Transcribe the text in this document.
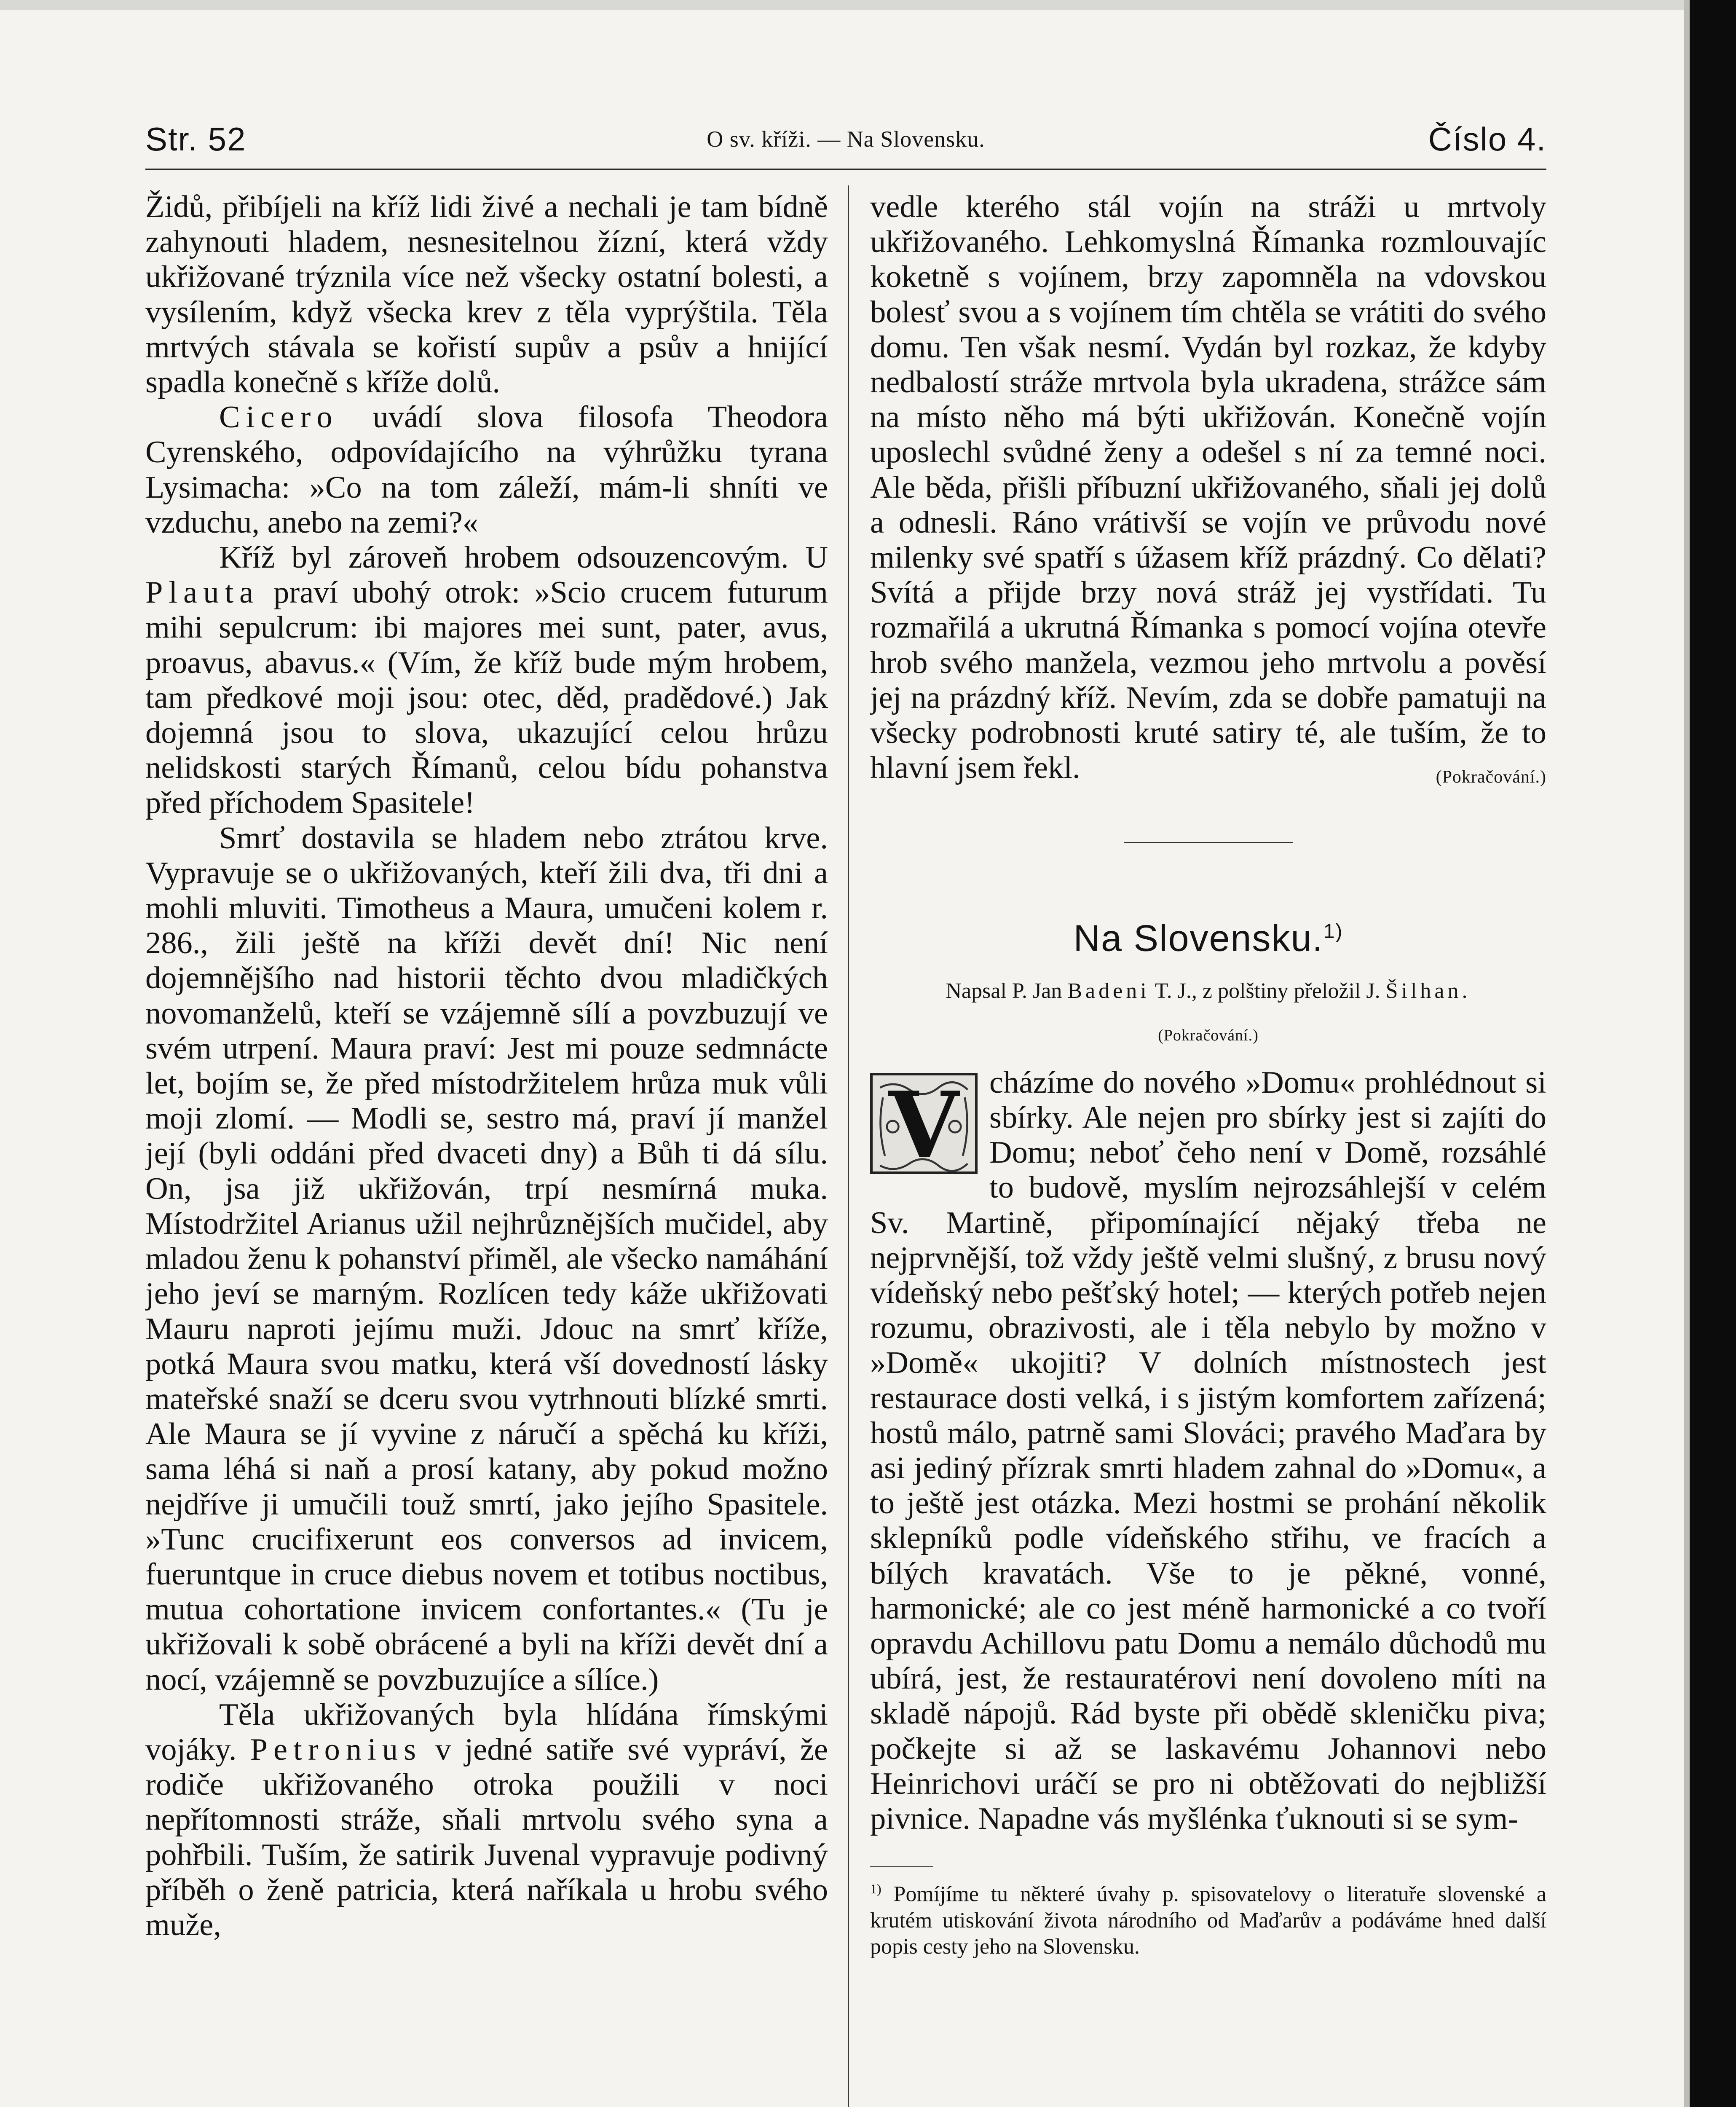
Str. 52	O sv. kříži. — Na Slovensku.	Číslo 4.

Židů, přibíjeli na kříž lidi živé a nechali je tam bídně zahynouti hladem, nesnesitelnou žízní, která vždy ukřižované trýznila více než všecky ostatní bolesti, a vysílením, když všecka krev z těla vyprýštila. Těla mrtvých stávala se kořistí supův a psův a hnijící spadla konečně s kříže dolů.

Cicero uvádí slova filosofa Theodora Cyrenského, odpovídajícího na výhrůžku tyrana Lysimacha: »Co na tom záleží, mám-li shníti ve vzduchu, anebo na zemi?«

Kříž byl zároveň hrobem odsouzencovým. U Plauta praví ubohý otrok: »Scio crucem futurum mihi sepulcrum: ibi majores mei sunt, pater, avus, proavus, abavus.« (Vím, že kříž bude mým hrobem, tam předkové moji jsou: otec, děd, pradědové.) Jak dojemná jsou to slova, ukazující celou hrůzu nelidskosti starých Římanů, celou bídu pohanstva před příchodem Spasitele!

Smrť dostavila se hladem nebo ztrátou krve. Vypravuje se o ukřižovaných, kteří žili dva, tři dni a mohli mluviti. Timotheus a Maura, umučeni kolem r. 286., žili ještě na kříži devět dní! Nic není dojemnějšího nad historii těchto dvou mladičkých novomanželů, kteří se vzájemně sílí a povzbuzují ve svém utrpení. Maura praví: Jest mi pouze sedmnácte let, bojím se, že před místodržitelem hrůza muk vůli moji zlomí. — Modli se, sestro má, praví jí manžel její (byli oddáni před dvaceti dny) a Bůh ti dá sílu. On, jsa již ukřižován, trpí nesmírná muka. Místodržitel Arianus užil nejhrůznějších mučidel, aby mladou ženu k pohanství přiměl, ale všecko namáhání jeho jeví se marným. Rozlícen tedy káže ukřižovati Mauru naproti jejímu muži. Jdouc na smrť kříže, potká Maura svou matku, která vší dovedností lásky mateřské snaží se dceru svou vytrhnouti blízké smrti. Ale Maura se jí vyvine z náručí a spěchá ku kříži, sama léhá si naň a prosí katany, aby pokud možno nejdříve ji umučili touž smrtí, jako jejího Spasitele. »Tunc crucifixerunt eos conversos ad invicem, fueruntque in cruce diebus novem et totibus noctibus, mutua cohortatione invicem confortantes.« (Tu je ukřižovali k sobě obrácené a byli na kříži devět dní a nocí, vzájemně se povzbuzujíce a sílíce.)

Těla ukřižovaných byla hlídána římskými vojáky. Petronius v jedné satiře své vypráví, že rodiče ukřižovaného otroka použili v noci nepřítomnosti stráže, sňali mrtvolu svého syna a pohřbili. Tuším, že satirik Juvenal vypravuje podivný příběh o ženě patricia, která naříkala u hrobu svého muže,

vedle kterého stál vojín na stráži u mrtvoly ukřižovaného. Lehkomyslná Římanka rozmlouvajíc koketně s vojínem, brzy zapomněla na vdovskou bolesť svou a s vojínem tím chtěla se vrátiti do svého domu. Ten však nesmí. Vydán byl rozkaz, že kdyby nedbalostí stráže mrtvola byla ukradena, strážce sám na místo něho má býti ukřižován. Konečně vojín uposlechl svůdné ženy a odešel s ní za temné noci. Ale běda, přišli příbuzní ukřižovaného, sňali jej dolů a odnesli. Ráno vrátivší se vojín ve průvodu nové milenky své spatří s úžasem kříž prázdný. Co dělati? Svítá a přijde brzy nová stráž jej vystřídati. Tu rozmařilá a ukrutná Římanka s pomocí vojína otevře hrob svého manžela, vezmou jeho mrtvolu a pověsí jej na prázdný kříž. Nevím, zda se dobře pamatuji na všecky podrobnosti kruté satiry té, ale tuším, že to hlavní jsem řekl.	(Pokračování.)

Na Slovensku.$^{1)}$
Napsal P. Jan Badeni T. J., z polštiny přeložil J. Šilhan.
(Pokračování.)
V cházíme do nového »Domu« prohlédnout si sbírky. Ale nejen pro sbírky jest si zajíti do Domu; neboť čeho není v Domě, rozsáhlé to budově, myslím nejrozsáhlejší v celém Sv. Martině, připomínající nějaký třeba ne nejprvnější, tož vždy ještě velmi slušný, z brusu nový vídeňský nebo pešťský hotel; — kterých potřeb nejen rozumu, obrazivosti, ale i těla nebylo by možno v »Domě« ukojiti? V dolních místnostech jest restaurace dosti velká, i s jistým komfortem zařízená; hostů málo, patrně sami Slováci; pravého Maďara by asi jediný přízrak smrti hladem zahnal do »Domu«, a to ještě jest otázka. Mezi hostmi se prohání několik sklepníků podle vídeňského střihu, ve fracích a bílých kravatách. Vše to je pěkné, vonné, harmonické; ale co jest méně harmonické a co tvoří opravdu Achillovu patu Domu a nemálo důchodů mu ubírá, jest, že restauratérovi není dovoleno míti na skladě nápojů. Rád byste při obědě skleničku piva; počkejte si až se laskavému Johannovi nebo Heinrichovi uráčí se pro ni obtěžovati do nejbližší pivnice. Napadne vás myšlénka ťuknouti si se sym-

$^{1)}$ Pomíjíme tu některé úvahy p. spisovatelovy o literatuře slovenské a krutém utiskování života národního od Maďarův a podáváme hned další popis cesty jeho na Slovensku.
